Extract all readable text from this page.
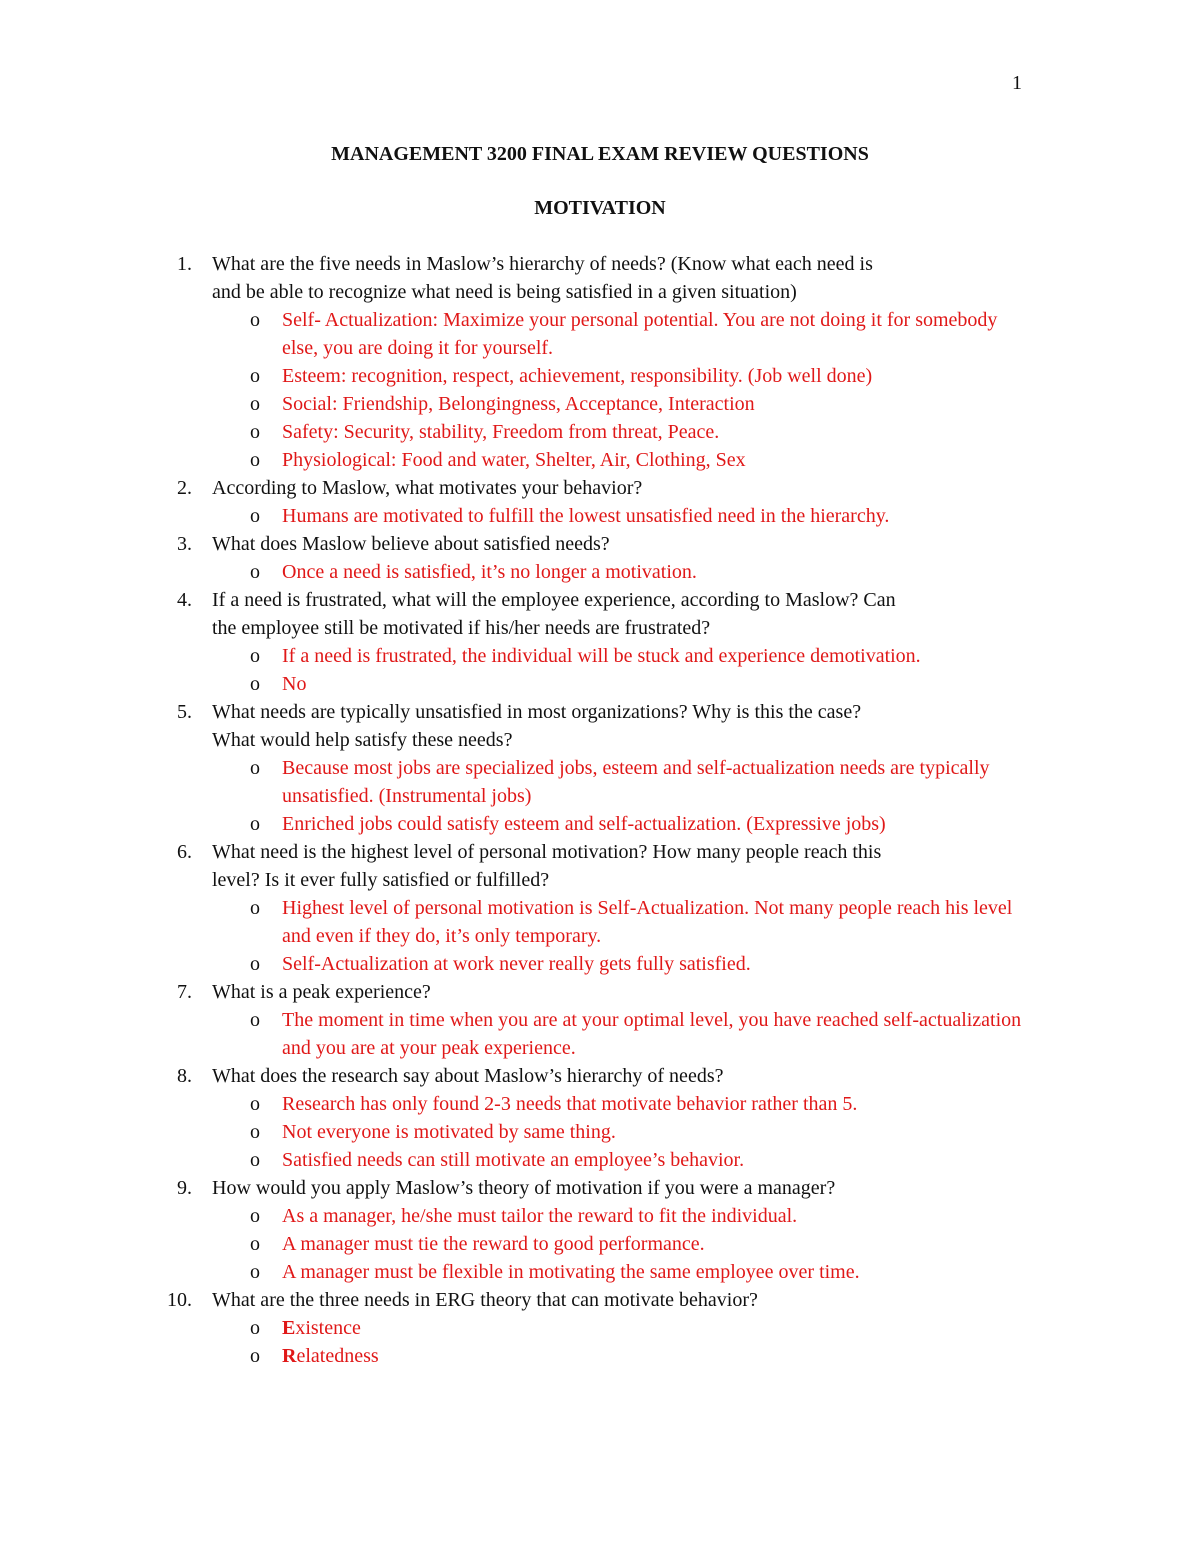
1
MANAGEMENT 3200 FINAL EXAM REVIEW QUESTIONS
MOTIVATION
1. What are the five needs in Maslow’s hierarchy of needs? (Know what each need is
and be able to recognize what need is being satisfied in a given situation)
o Self- Actualization: Maximize your personal potential. You are not doing it for somebody else, you are doing it for yourself.
o Esteem: recognition, respect, achievement, responsibility. (Job well done)
o Social: Friendship, Belongingness, Acceptance, Interaction
o Safety: Security, stability, Freedom from threat, Peace.
o Physiological: Food and water, Shelter, Air, Clothing, Sex
2. According to Maslow, what motivates your behavior?
o Humans are motivated to fulfill the lowest unsatisfied need in the hierarchy.
3. What does Maslow believe about satisfied needs?
o Once a need is satisfied, it’s no longer a motivation.
4. If a need is frustrated, what will the employee experience, according to Maslow? Can
the employee still be motivated if his/her needs are frustrated?
o If a need is frustrated, the individual will be stuck and experience demotivation.
o No
5. What needs are typically unsatisfied in most organizations? Why is this the case?
What would help satisfy these needs?
o Because most jobs are specialized jobs, esteem and self-actualization needs are typically unsatisfied. (Instrumental jobs)
o Enriched jobs could satisfy esteem and self-actualization. (Expressive jobs)
6. What need is the highest level of personal motivation? How many people reach this
level? Is it ever fully satisfied or fulfilled?
o Highest level of personal motivation is Self-Actualization. Not many people reach his level and even if they do, it’s only temporary.
o Self-Actualization at work never really gets fully satisfied.
7. What is a peak experience?
o The moment in time when you are at your optimal level, you have reached self-actualization and you are at your peak experience.
8. What does the research say about Maslow’s hierarchy of needs?
o Research has only found 2-3 needs that motivate behavior rather than 5.
o Not everyone is motivated by same thing.
o Satisfied needs can still motivate an employee’s behavior.
9. How would you apply Maslow’s theory of motivation if you were a manager?
o As a manager, he/she must tailor the reward to fit the individual.
o A manager must tie the reward to good performance.
o A manager must be flexible in motivating the same employee over time.
10. What are the three needs in ERG theory that can motivate behavior?
o Existence
o Relatedness
